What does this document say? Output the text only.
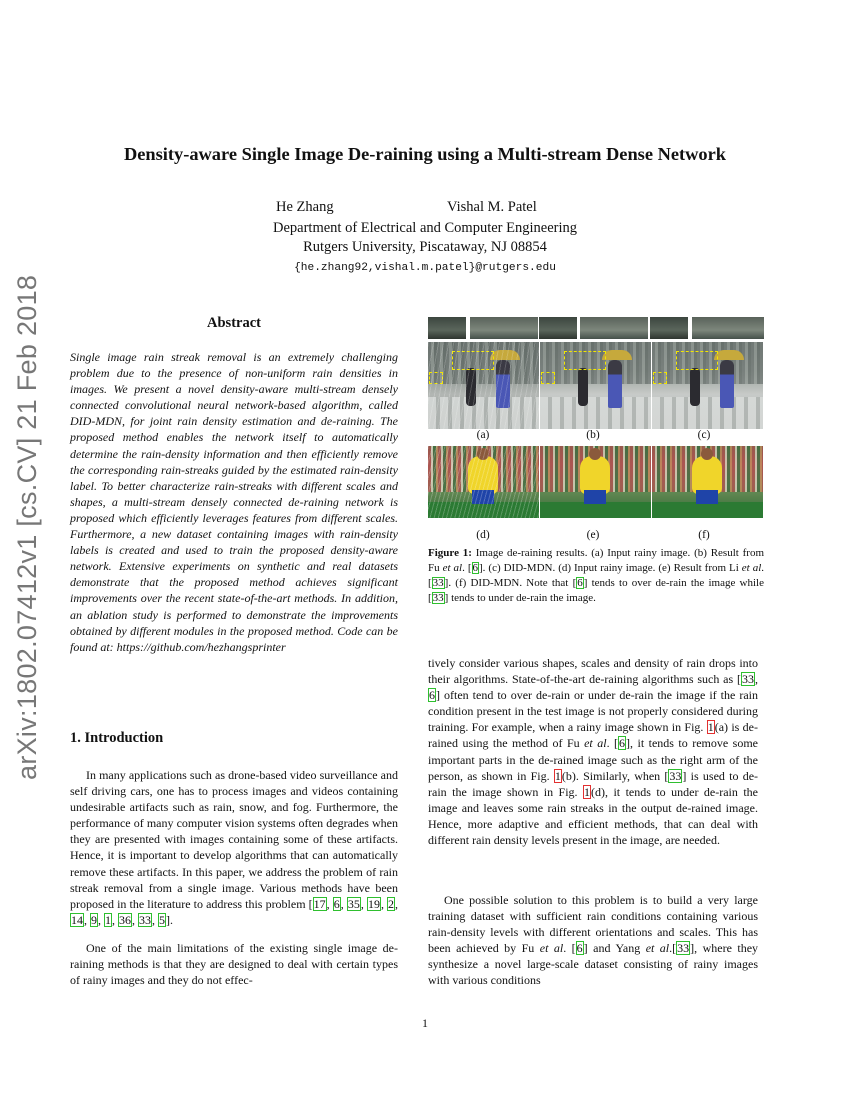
arXiv:1802.07412v1 [cs.CV] 21 Feb 2018
Density-aware Single Image De-raining using a Multi-stream Dense Network
He Zhang	Vishal M. Patel
Department of Electrical and Computer Engineering
Rutgers University, Piscataway, NJ 08854
{he.zhang92,vishal.m.patel}@rutgers.edu
Abstract

Single image rain streak removal is an extremely challenging problem due to the presence of non-uniform rain densities in images. We present a novel density-aware multi-stream densely connected convolutional neural network-based algorithm, called DID-MDN, for joint rain density estimation and de-raining. The proposed method enables the network itself to automatically determine the rain-density information and then efficiently remove the corresponding rain-streaks guided by the estimated rain-density label. To better characterize rain-streaks with different scales and shapes, a multi-stream densely connected de-raining network is proposed which efficiently leverages features from different scales. Furthermore, a new dataset containing images with rain-density labels is created and used to train the proposed density-aware network. Extensive experiments on synthetic and real datasets demonstrate that the proposed method achieves significant improvements over the recent state-of-the-art methods. In addition, an ablation study is performed to demonstrate the improvements obtained by different modules in the proposed method. Code can be found at: https://github.com/hezhangsprinter

1. Introduction

In many applications such as drone-based video surveillance and self driving cars, one has to process images and videos containing undesirable artifacts such as rain, snow, and fog. Furthermore, the performance of many computer vision systems often degrades when they are presented with images containing some of these artifacts. Hence, it is important to develop algorithms that can automatically remove these artifacts. In this paper, we address the problem of rain streak removal from a single image. Various methods have been proposed in the literature to address this problem [17, 6, 35, 19, 2, 14, 9, 1, 36, 33, 5].

One of the main limitations of the existing single image de-raining methods is that they are designed to deal with certain types of rainy images and they do not effec-

tively consider various shapes, scales and density of rain drops into their algorithms. State-of-the-art de-raining algorithms such as [33, 6] often tend to over de-rain or under de-rain the image if the rain condition present in the test image is not properly considered during training. For example, when a rainy image shown in Fig. 1(a) is de-rained using the method of Fu et al. [6], it tends to remove some important parts in the de-rained image such as the right arm of the person, as shown in Fig. 1(b). Similarly, when [33] is used to de-rain the image shown in Fig. 1(d), it tends to under de-rain the image and leaves some rain streaks in the output de-rained image. Hence, more adaptive and efficient methods, that can deal with different rain density levels present in the image, are needed.

One possible solution to this problem is to build a very large training dataset with sufficient rain conditions containing various rain-density levels with different orientations and scales. This has been achieved by Fu et al. [6] and Yang et al.[33], where they synthesize a novel large-scale dataset consisting of rainy images with various conditions

(a)	(b)	(c)
(d)	(e)	(f)
Figure 1: Image de-raining results. (a) Input rainy image. (b) Result from Fu et al. [6]. (c) DID-MDN. (d) Input rainy image. (e) Result from Li et al. [33]. (f) DID-MDN. Note that [6] tends to over de-rain the image while [33] tends to under de-rain the image.
1
